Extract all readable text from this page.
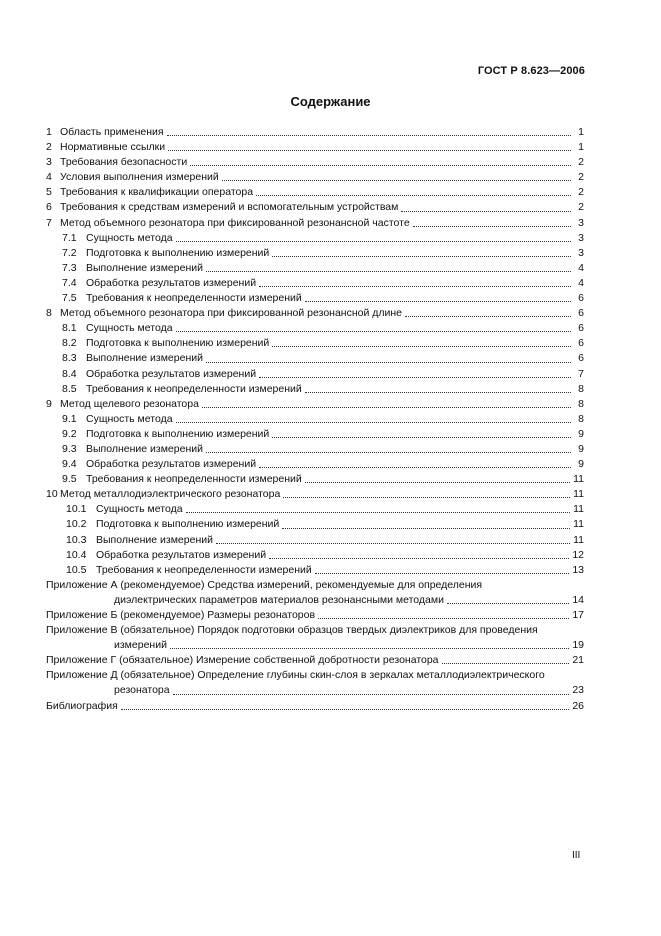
ГОСТ Р 8.623—2006
Содержание
1 Область применения	1
2 Нормативные ссылки	1
3 Требования безопасности	2
4 Условия выполнения измерений	2
5 Требования к квалификации оператора	2
6 Требования к средствам измерений и вспомогательным устройствам	2
7 Метод объемного резонатора при фиксированной резонансной частоте	3
7.1 Сущность метода	3
7.2 Подготовка к выполнению измерений	3
7.3 Выполнение измерений	4
7.4 Обработка результатов измерений	4
7.5 Требования к неопределенности измерений	6
8 Метод объемного резонатора при фиксированной резонансной длине	6
8.1 Сущность метода	6
8.2 Подготовка к выполнению измерений	6
8.3 Выполнение измерений	6
8.4 Обработка результатов измерений	7
8.5 Требования к неопределенности измерений	8
9 Метод щелевого резонатора	8
9.1 Сущность метода	8
9.2 Подготовка к выполнению измерений	9
9.3 Выполнение измерений	9
9.4 Обработка результатов измерений	9
9.5 Требования к неопределенности измерений	11
10 Метод металлодиэлектрического резонатора	11
10.1 Сущность метода	11
10.2 Подготовка к выполнению измерений	11
10.3 Выполнение измерений	11
10.4 Обработка результатов измерений	12
10.5 Требования к неопределенности измерений	13
Приложение А (рекомендуемое) Средства измерений, рекомендуемые для определения
диэлектрических параметров материалов резонансными методами	14
Приложение Б (рекомендуемое) Размеры резонаторов	17
Приложение В (обязательное) Порядок подготовки образцов твердых диэлектриков для проведения
измерений	19
Приложение Г (обязательное) Измерение собственной добротности резонатора	21
Приложение Д (обязательное) Определение глубины скин-слоя в зеркалах металлодиэлектрического
резонатора	23
Библиография	26
III
